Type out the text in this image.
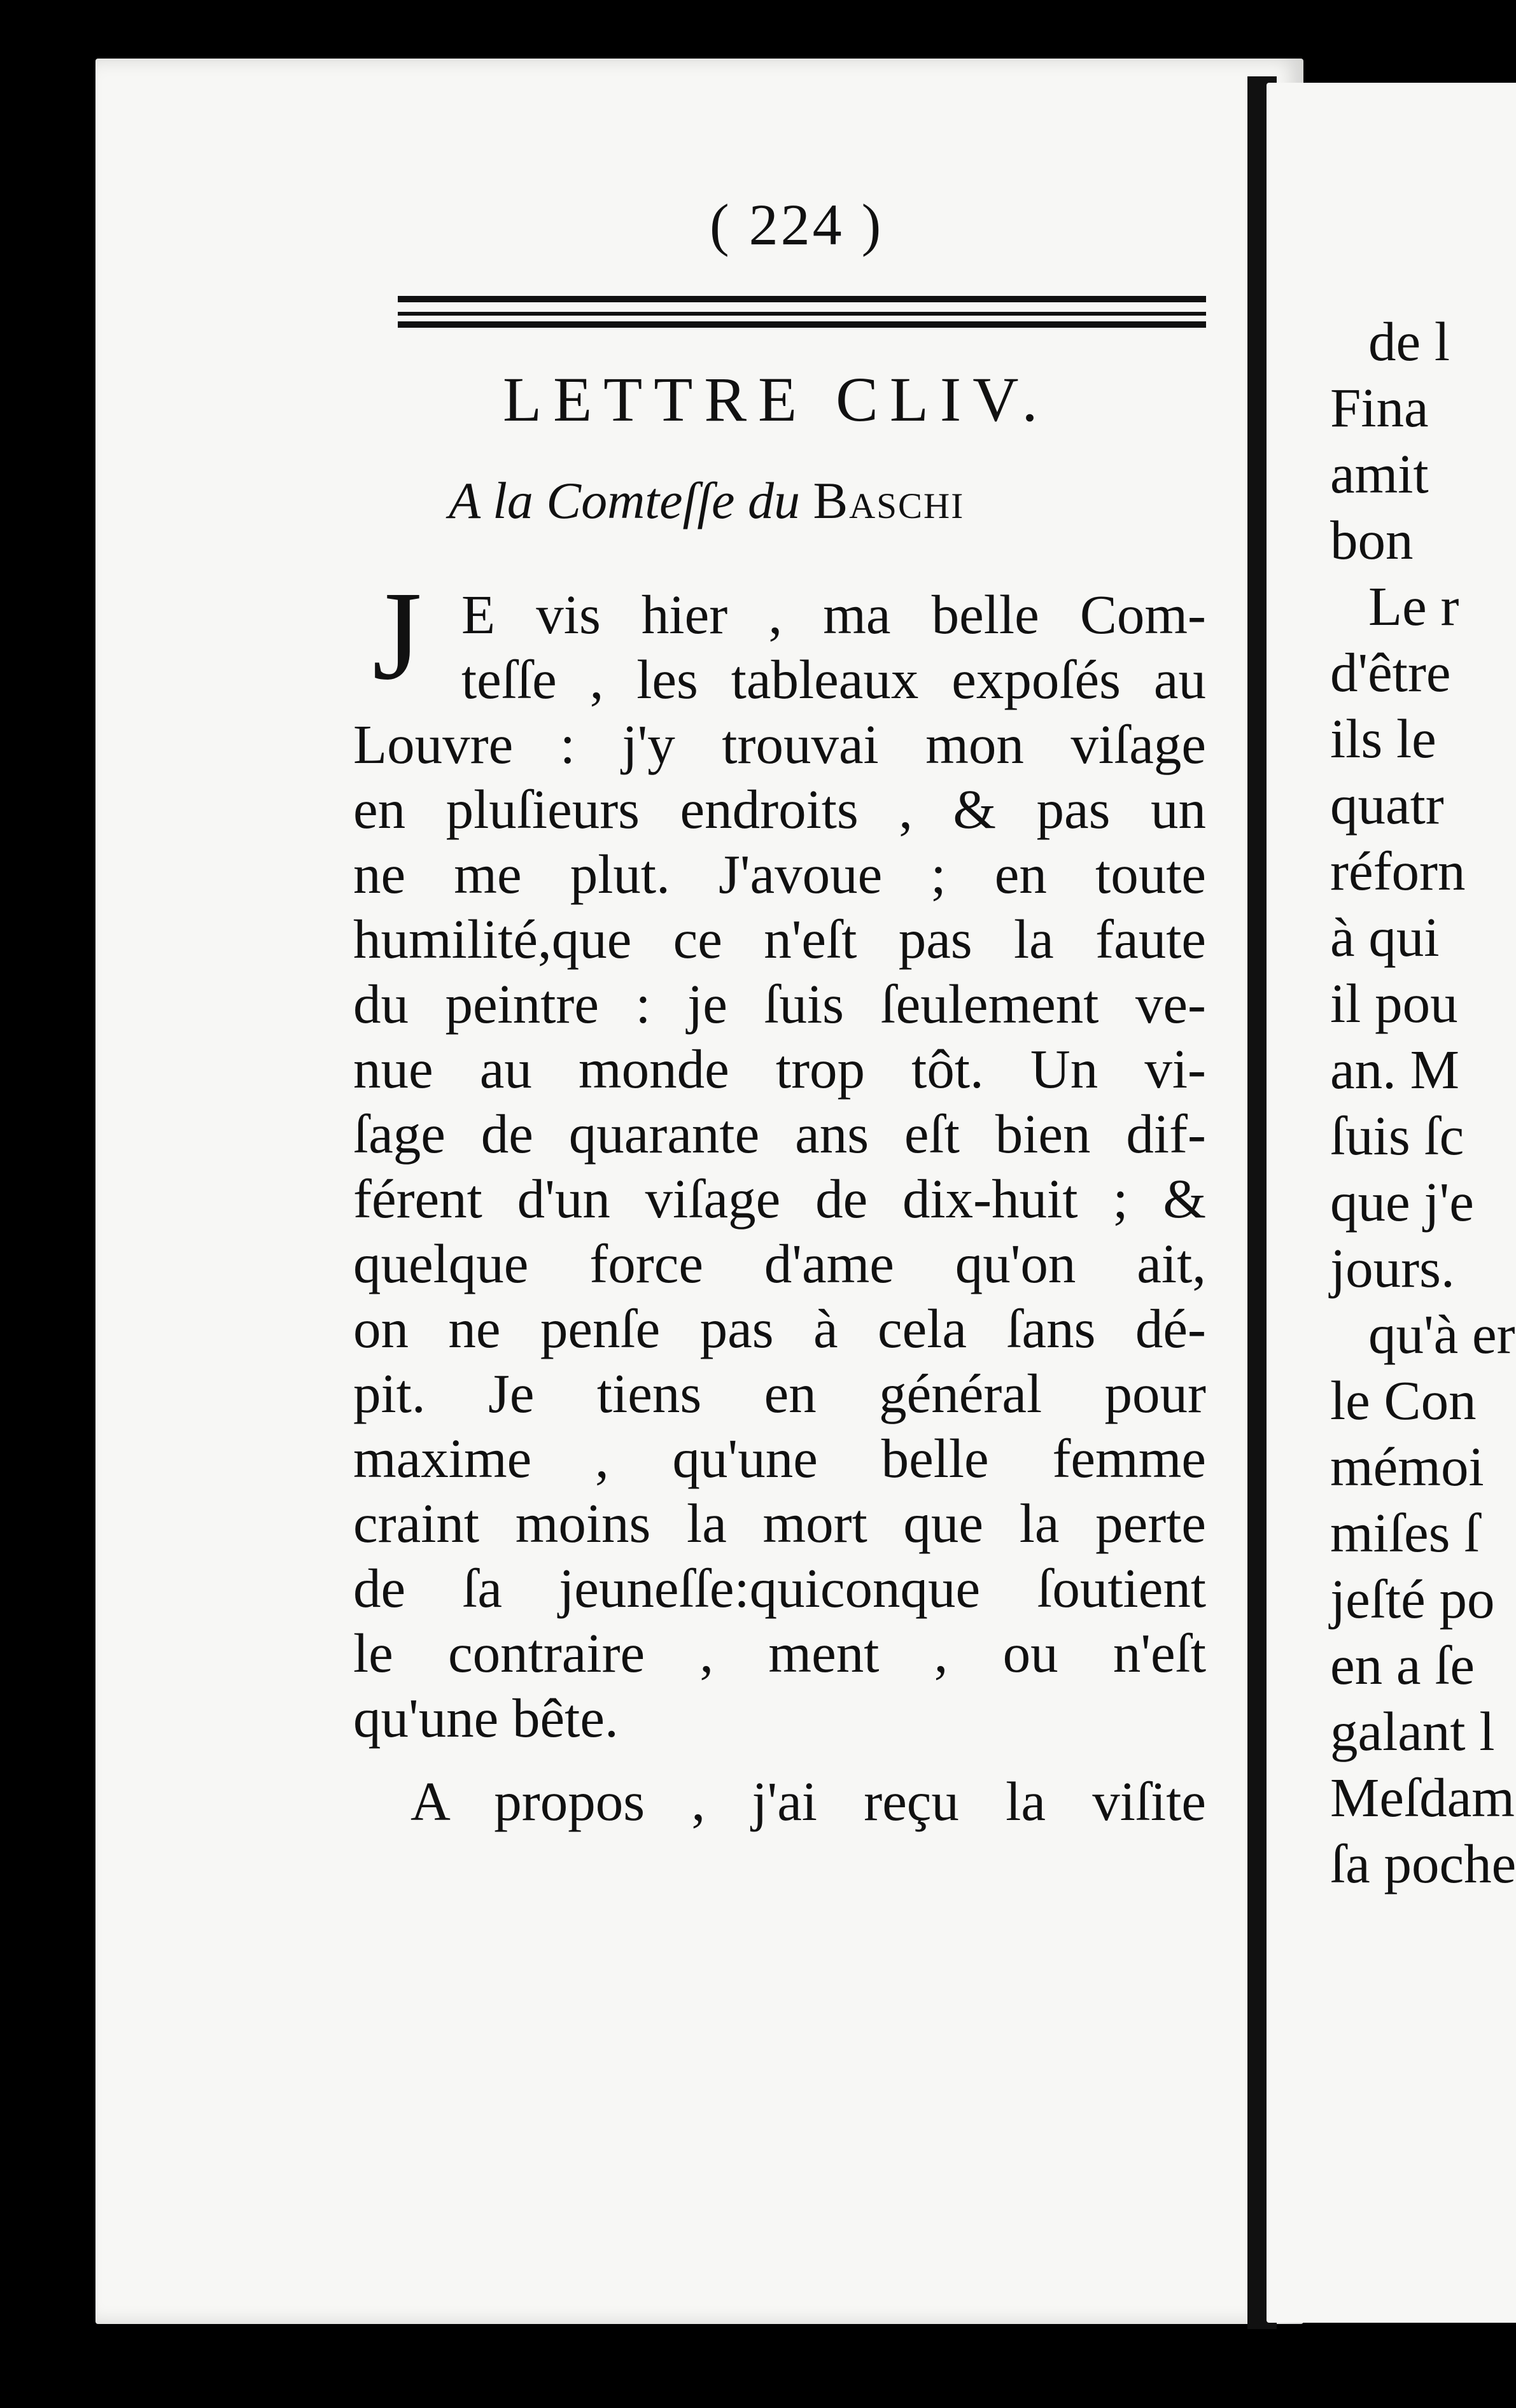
( 224 )
LETTRE CLIV.
A la Comteſſe du Baschi
J E vis hier , ma belle Com-
teſſe , les tableaux expoſés au
Louvre : j'y trouvai mon viſage
en pluſieurs endroits , & pas un
ne me plut. J'avoue ; en toute
humilité,que ce n'eſt pas la faute
du peintre : je ſuis ſeulement ve-
nue au monde trop tôt. Un vi-
ſage de quarante ans eſt bien dif-
férent d'un viſage de dix-huit ; &
quelque force d'ame qu'on ait,
on ne penſe pas à cela ſans dé-
pit. Je tiens en général pour
maxime , qu'une belle femme
craint moins la mort que la perte
de ſa jeuneſſe:quiconque ſoutient
le contraire , ment , ou n'eſt
qu'une bête.
A propos , j'ai reçu la viſite
de l
Fina
amit
bon
Le r
d'être
ils le
quatr
réforn
à qui
il pou
an. M
ſuis ſc
que j'e
jours.
qu'à er
le Con
mémoi
miſes ſ
jeſté po
en a ſe
galant l
Meſdam
ſa poche
